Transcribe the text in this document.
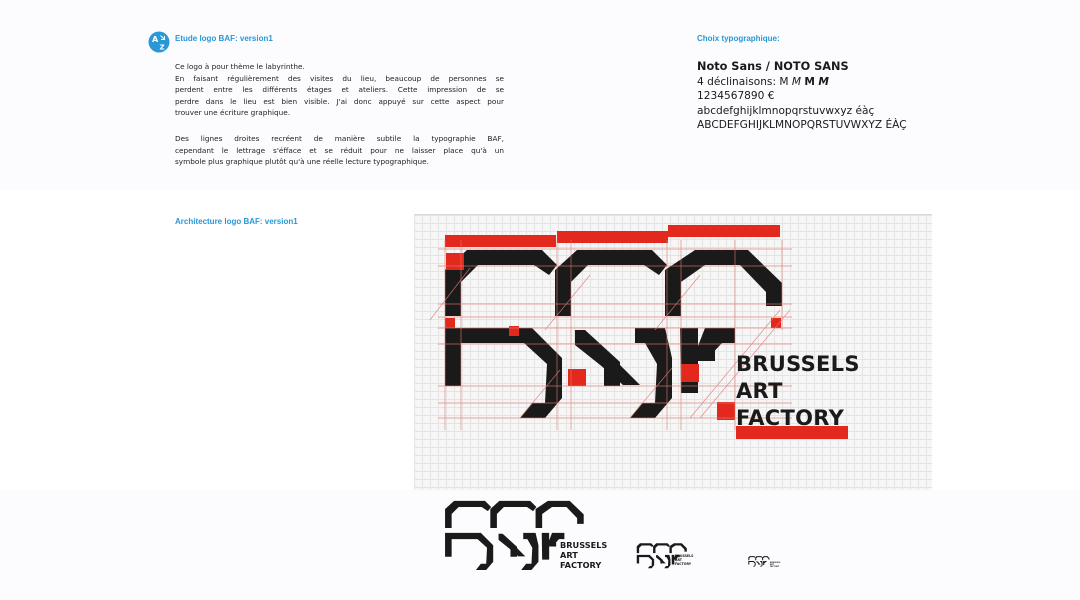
A
Z
Etude logo BAF: version1
Ce logo à pour thème le labyrinthe.
En faisant régulièrement des visites du lieu, beaucoup de personnes se
perdent entre les différents étages et ateliers. Cette impression de se
perdre dans le lieu est bien visible. J'ai donc appuyé sur cette aspect pour
trouver une écriture graphique.
Des lignes droites recréent de manière subtile la typographie BAF,
cependant le lettrage s'éfface et se réduit pour ne laisser place qu'à un
symbole plus graphique plutôt qu'à une réelle lecture typographique.
Choix typographique:
Noto Sans / NOTO SANS
4 déclinaisons: M M M M
1234567890 €
abcdefghijklmnopqrstuvwxyz éàç
ABCDEFGHIJKLMNOPQRSTUVWXYZ ÉÀÇ
Architecture logo BAF: version1
BRUSSELS
ART
FACTORY
BRUSSELS
ART
FACTORY
BRUSSELS
ART
FACTORY	BRUSSELS
ART
FACTORY
